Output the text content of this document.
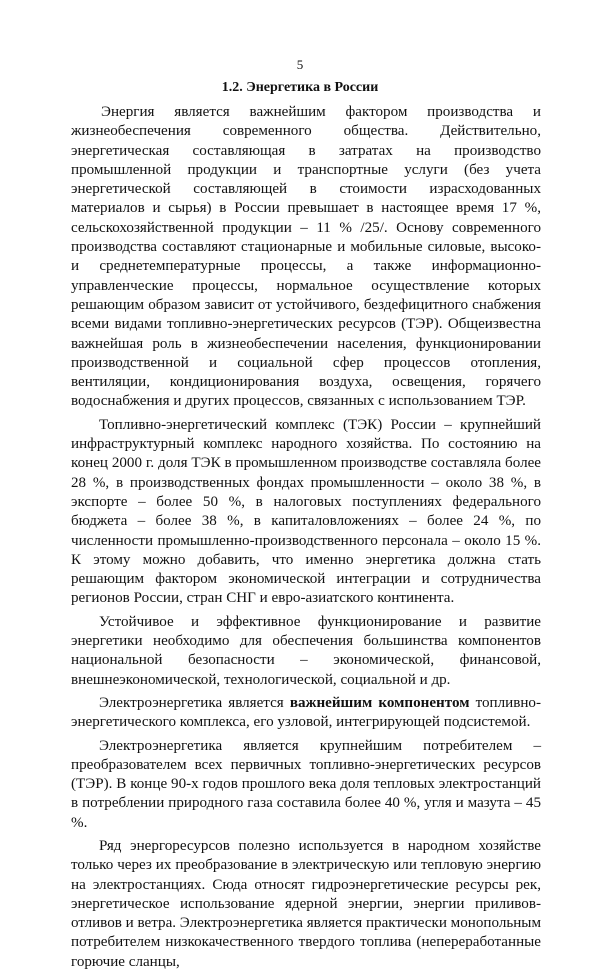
5
1.2. Энергетика в России

Энергия является важнейшим фактором производства и жизнеобеспечения современного общества. Действительно, энергетическая составляющая в затратах на производство промышленной продукции и транспортные услуги (без учета энергетической составляющей в стоимости израсходованных материалов и сырья) в России превышает в настоящее время 17 %, сельскохозяйственной продукции – 11 % /25/. Основу современного производства составляют стационарные и мобильные силовые, высоко- и среднетемпературные процессы, а также информационно-управленческие процессы, нормальное осуществление которых решающим образом зависит от устойчивого, бездефицитного снабжения всеми видами топливно-энергетических ресурсов (ТЭР). Общеизвестна важнейшая роль в жизнеобеспечении населения, функционировании производственной и социальной сфер процессов отопления, вентиляции, кондиционирования воздуха, освещения, горячего водоснабжения и других процессов, связанных с использованием ТЭР.

Топливно-энергетический комплекс (ТЭК) России – крупнейший инфраструктурный комплекс народного хозяйства. По состоянию на конец 2000 г. доля ТЭК в промышленном производстве составляла более 28 %, в производственных фондах промышленности – около 38 %, в экспорте – более 50 %, в налоговых поступлениях федерального бюджета – более 38 %, в капиталовложениях – более 24 %, по численности промышленно-производственного персонала – около 15 %. К этому можно добавить, что именно энергетика должна стать решающим фактором экономической интеграции и сотрудничества регионов России, стран СНГ и евро-азиатского континента.

Устойчивое и эффективное функционирование и развитие энергетики необходимо для обеспечения большинства компонентов национальной безопасности – экономической, финансовой, внешнеэкономической, технологической, социальной и др.

Электроэнергетика является важнейшим компонентом топливно-энергетического комплекса, его узловой, интегрирующей подсистемой.

Электроэнергетика является крупнейшим потребителем – преобразователем всех первичных топливно-энергетических ресурсов (ТЭР). В конце 90-х годов прошлого века доля тепловых электростанций в потреблении природного газа составила более 40 %, угля и мазута – 45 %.

Ряд энергоресурсов полезно используется в народном хозяйстве только через их преобразование в электрическую или тепловую энергию на электростанциях. Сюда относят гидроэнергетические ресурсы рек, энергетическое использование ядерной энергии, энергии приливов-отливов и ветра. Электроэнергетика является практически монопольным потребителем низкокачественного твердого топлива (непереработанные горючие сланцы,
